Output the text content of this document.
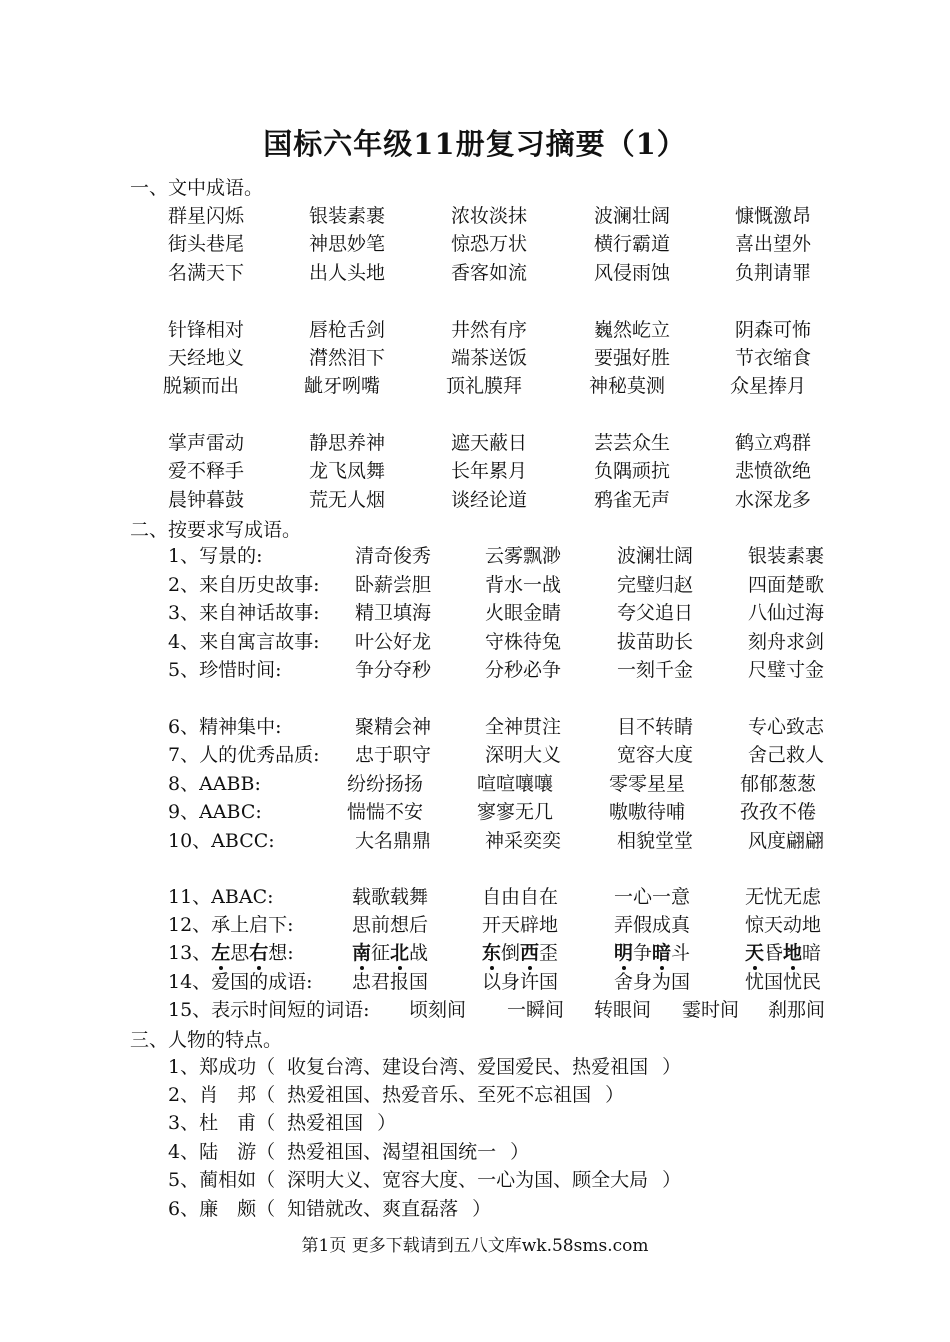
国标六年级11册复习摘要（1）
一、文中成语。
群星闪烁	银装素裹	浓妆淡抹	波澜壮阔	慷慨激昂
街头巷尾	神思妙笔	惊恐万状	横行霸道	喜出望外
名满天下	出人头地	香客如流	风侵雨蚀	负荆请罪
针锋相对	唇枪舌剑	井然有序	巍然屹立	阴森可怖
天经地义	潸然泪下	端茶送饭	要强好胜	节衣缩食
脱颖而出	龇牙咧嘴	顶礼膜拜	神秘莫测	众星捧月
掌声雷动	静思养神	遮天蔽日	芸芸众生	鹤立鸡群
爱不释手	龙飞凤舞	长年累月	负隅顽抗	悲愤欲绝
晨钟暮鼓	荒无人烟	谈经论道	鸦雀无声	水深龙多
二、按要求写成语。
1、写景的:	清奇俊秀	云雾飘渺	波澜壮阔	银装素裹
2、来自历史故事: 卧薪尝胆	背水一战	完璧归赵	四面楚歌
3、来自神话故事: 精卫填海	火眼金睛	夸父追日	八仙过海
4、来自寓言故事: 叶公好龙	守株待兔	拔苗助长	刻舟求剑
5、珍惜时间:	争分夺秒	分秒必争	一刻千金	尺璧寸金
6、精神集中:	聚精会神	全神贯注	目不转睛	专心致志
7、人的优秀品质: 忠于职守	深明大义	宽容大度	舍己救人
8、AABB:	纷纷扬扬	喧喧嚷嚷	零零星星	郁郁葱葱
9、AABC:	惴惴不安	寥寥无几	嗷嗷待哺	孜孜不倦
10、ABCC:	大名鼎鼎	神采奕奕	相貌堂堂	风度翩翩
11、ABAC:	载歌载舞	自由自在	一心一意	无忧无虑
12、承上启下:	思前想后	开天辟地	弄假成真	惊天动地
13、左思右想:	南征北战	东倒西歪	明争暗斗	天昏地暗
14、爱国的成语: 忠君报国	以身许国	舍身为国	忧国忧民
15、表示时间短的词语: 顷刻间 一瞬间 转眼间 霎时间 刹那间
三、人物的特点。
1、郑成功（ 收复台湾、建设台湾、爱国爱民、热爱祖国 ）
2、肖　邦（ 热爱祖国、热爱音乐、至死不忘祖国 ）
3、杜　甫（ 热爱祖国 ）
4、陆　游（ 热爱祖国、渴望祖国统一 ）
5、蔺相如（ 深明大义、宽容大度、一心为国、顾全大局 ）
6、廉　颇（ 知错就改、爽直磊落 ）
第1页 更多下载请到五八文库wk.58sms.com
